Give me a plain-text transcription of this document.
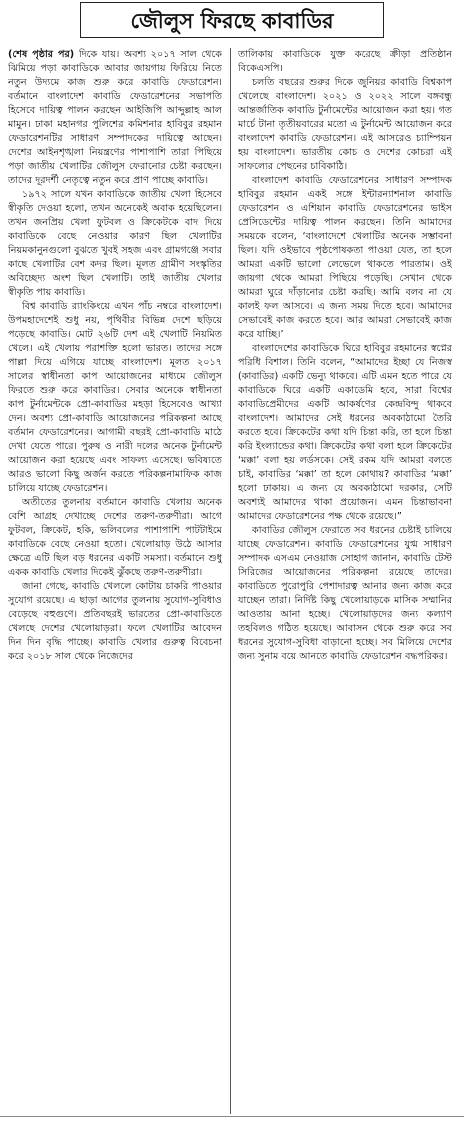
জৌলুস ফিরছে কাবাডির

(শেষ পৃষ্ঠার পর) দিকে যায়। অবশ্য ২০১৭ সাল থেকে ঝিমিয়ে পড়া কাবাডিকে আবার জায়গায় ফিরিয়ে নিতে নতুন উদ্যমে কাজ শুরু করে কাবাডি ফেডারেশন। বর্তমানে বাংলাদেশ কাবাডি ফেডারেশনের সভাপতি হিসেবে দায়িত্ব পালন করছেন আইজিপি আব্দুল্লাহ আল মামুন। ঢাকা মহানগর পুলিশের কমিশনার হাবিবুর রহমান ফেডারেশনটির সাধারণ সম্পাদকের দায়িত্বে আছেন। দেশের আইনশৃঙ্খলা নিয়ন্ত্রণের পাশাপাশি তারা পিছিয়ে পড়া জাতীয় খেলাটির জৌলুস ফেরানোর চেষ্টা করছেন। তাদের দূরদর্শী নেতৃত্বে নতুন করে প্রাণ পাচ্ছে কাবাডি।

১৯৭২ সালে যখন কাবাডিকে জাতীয় খেলা হিসেবে স্বীকৃতি দেওয়া হলো, তখন অনেকেই অবাক হয়েছিলেন। তখন জনপ্রিয় খেলা ফুটবল ও ক্রিকেটকে বাদ দিয়ে কাবাডিকে বেছে নেওয়ার কারণ ছিল খেলাটির নিয়মকানুনগুলো বুঝতে খুবই সহজ এবং গ্রামগঞ্জে সবার কাছে খেলাটির বেশ কদর ছিল। মূলত গ্রামীণ সংস্কৃতির অবিচ্ছেদ্য অংশ ছিল খেলাটি। তাই জাতীয় খেলার স্বীকৃতি পায় কাবাডি।

বিশ্ব কাবাডি র‍্যাংকিংয়ে এখন পাঁচ নম্বরে বাংলাদেশ। উপমহাদেশেই শুধু নয়, পৃথিবীর বিভিন্ন দেশে ছড়িয়ে পড়েছে কাবাডি। মোট ২৬টি দেশ এই খেলাটি নিয়মিত খেলে। এই খেলায় পরাশক্তি হলো ভারত। তাদের সঙ্গে পাল্লা দিয়ে এগিয়ে যাচ্ছে বাংলাদেশ। মূলত ২০১৭ সালের স্বাধীনতা কাপ আয়োজনের মাধ্যমে জৌলুস ফিরতে শুরু করে কাবাডির। সেবার অনেকে স্বাধীনতা কাপ টুর্নামেন্টকে প্রো-কাবাডির মহড়া হিসেবেও আখ্যা দেন। অবশ্য প্রো-কাবাডি আয়োজনের পরিকল্পনা আছে বর্তমান ফেডারেশনের। আগামী বছরই প্রো-কাবাডি মাঠে দেখা যেতে পারে। পুরুষ ও নারী দলের অনেক টুর্নামেন্ট আয়োজন করা হয়েছে এবং সাফল্য এসেছে। ভবিষ্যতে আরও ভালো কিছু অর্জন করতে পরিকল্পনামাফিক কাজ চালিয়ে যাচ্ছে ফেডারেশন।

অতীতের তুলনায় বর্তমানে কাবাডি খেলায় অনেক বেশি আগ্রহ দেখাচ্ছে দেশের তরুণ-তরুণীরা। আগে ফুটবল, ক্রিকেট, হকি, ভলিবলের পাশাপাশি পাটটাইমে কাবাডিকে বেছে নেওয়া হতো। খেলোয়াড় উঠে আসার ক্ষেত্রে এটি ছিল বড় ধরনের একটি সমস্যা। বর্তমানে শুধু একক কাবাডি খেলার দিকেই ঝুঁকছে তরুণ-তরুণীরা।

জানা গেছে, কাবাডি খেললে কোটায় চাকরি পাওয়ার সুযোগ রয়েছে। এ ছাড়া আগের তুলনায় সুযোগ-সুবিধাও বেড়েছে বহুগুণে। প্রতিবছরই ভারতের প্রো-কাবাডিতে খেলছে দেশের খেলোয়াড়রা। ফলে খেলাটির আবেদন দিন দিন বৃদ্ধি পাচ্ছে। কাবাডি খেলার গুরুত্ব বিবেচনা করে ২০১৮ সাল থেকে নিজেদের

তালিকায় কাবাডিকে যুক্ত করেছে ক্রীড়া প্রতিষ্ঠান বিকেএসপি।

চলতি বছরের শুরুর দিকে জুনিয়র কাবাডি বিশ্বকাপ খেলেছে বাংলাদেশ। ২০২১ ও ২০২২ সালে বঙ্গবন্ধু আন্তর্জাতিক কাবাডি টুর্নামেন্টের আয়োজন করা হয়। গত মার্চে টানা তৃতীয়বারের মতো এ টুর্নামেন্ট আয়োজন করে বাংলাদেশ কাবাডি ফেডারেশন। এই আসরেও চ্যাম্পিয়ন হয় বাংলাদেশ। ভারতীয় কোচ ও দেশের কোচরা এই সাফল্যের পেছনের চাবিকাঠি।

বাংলাদেশ কাবাডি ফেডারেশনের সাধারণ সম্পাদক হাবিবুর রহমান একই সঙ্গে ইন্টারন্যাশনাল কাবাডি ফেডারেশন ও এশিয়ান কাবাডি ফেডারেশনের ভাইস প্রেসিডেন্টের দায়িত্ব পালন করছেন। তিনি আমাদের সময়কে বলেন, ‘বাংলাদেশে খেলাটির অনেক সম্ভাবনা ছিল। যদি ওইভাবে পৃষ্ঠপোষকতা পাওয়া যেত, তা হলে আমরা একটি ভালো লেভেলে থাকতে পারতাম। ওই জায়গা থেকে আমরা পিছিয়ে পড়েছি। সেখান থেকে আমরা ঘুরে দাঁড়ানোর চেষ্টা করছি। আমি বলব না যে কালই ফল আসবে। এ জন্য সময় দিতে হবে। আমাদের সেভাবেই কাজ করতে হবে। আর আমরা সেভাবেই কাজ করে যাচ্ছি।’

বাংলাদেশের কাবাডিকে ঘিরে হাবিবুর রহমানের স্বপ্নের পরিধি বিশাল। তিনি বলেন, “আমাদের ইচ্ছা যে নিজস্ব (কাবাডির) একটি ভেন্যু থাকবে। এটি এমন হতে পারে যে কাবাডিকে ঘিরে একটি একাডেমি হবে, সারা বিশ্বের কাবাডিপ্রেমীদের একটি আকর্ষণের কেন্দ্রবিন্দু থাকবে বাংলাদেশ। আমাদের সেই ধরনের অবকাঠামো তৈরি করতে হবে। ক্রিকেটের কথা যদি চিন্তা করি, তা হলে চিন্তা করি ইংল্যান্ডের কথা। ক্রিকেটের কথা বলা হলে ক্রিকেটের ‘মক্কা’ বলা হয় লর্ডসকে। সেই রকম যদি আমরা বলতে চাই, কাবাডির ‘মক্কা’ তা হলে কোথায়? কাবাডির ‘মক্কা’ হলো ঢাকায়। এ জন্য যে অবকাঠামো দরকার, সেটি অবশ্যই আমাদের থাকা প্রয়োজন। এমন চিন্তাভাবনা আমাদের ফেডারেশনের পক্ষ থেকে রয়েছে।”

কাবাডির জৌলুস ফেরাতে সব ধরনের চেষ্টাই চালিয়ে যাচ্ছে ফেডারেশন। কাবাডি ফেডারেশনের যুগ্ম সাধারণ সম্পাদক এসএম নেওয়াজ সোহাগ জানান, কাবাডি টেস্ট সিরিজের আয়োজনের পরিকল্পনা রয়েছে তাদের। কাবাডিতে পুরোপুরি পেশাদারত্ব আনার জন্য কাজ করে যাচ্ছেন তারা। নির্দিষ্ট কিছু খেলোয়াড়কে মাসিক সম্মানির আওতায় আনা হচ্ছে। খেলোয়াড়দের জন্য কল্যাণ তহবিলও গঠিত হয়েছে। আবাসন থেকে শুরু করে সব ধরনের সুযোগ-সুবিধা বাড়ানো হচ্ছে। সব মিলিয়ে দেশের জন্য সুনাম বয়ে আনতে কাবাডি ফেডারেশন বদ্ধপরিকর।
